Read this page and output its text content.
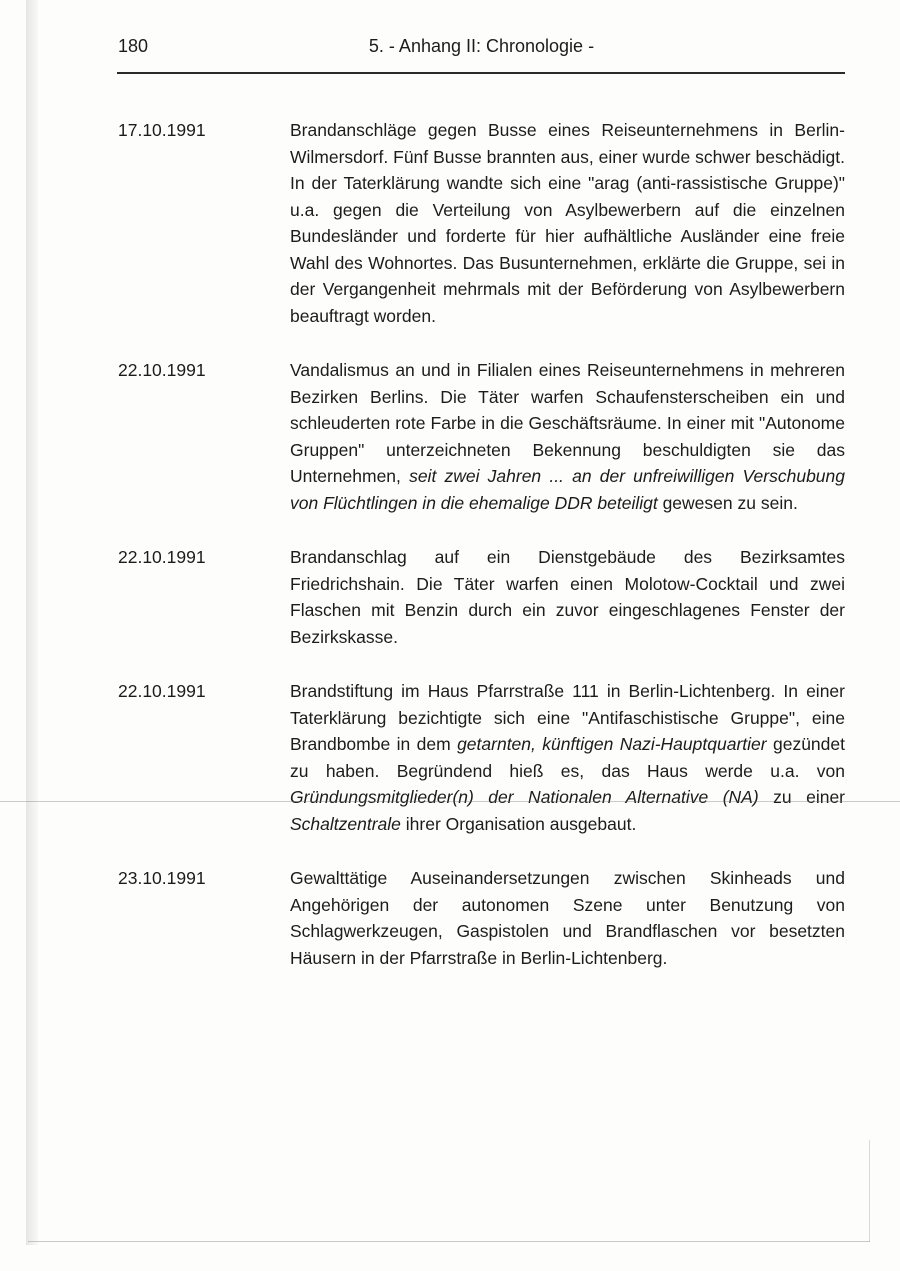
180	5. - Anhang II: Chronologie -
17.10.1991	Brandanschläge gegen Busse eines Reiseunternehmens in Berlin-Wilmersdorf. Fünf Busse brannten aus, einer wurde schwer beschädigt. In der Taterklärung wandte sich eine "arag (anti-rassistische Gruppe)" u.a. gegen die Verteilung von Asylbewerbern auf die einzelnen Bundesländer und forderte für hier aufhältliche Ausländer eine freie Wahl des Wohnortes. Das Busunternehmen, erklärte die Gruppe, sei in der Vergangenheit mehrmals mit der Beförderung von Asylbewerbern beauftragt worden.

22.10.1991	Vandalismus an und in Filialen eines Reiseunternehmens in mehreren Bezirken Berlins. Die Täter warfen Schaufensterscheiben ein und schleuderten rote Farbe in die Geschäftsräume. In einer mit "Autonome Gruppen" unterzeichneten Bekennung beschuldigten sie das Unternehmen, seit zwei Jahren ... an der unfreiwilligen Verschubung von Flüchtlingen in die ehemalige DDR beteiligt gewesen zu sein.

22.10.1991	Brandanschlag auf ein Dienstgebäude des Bezirksamtes Friedrichshain. Die Täter warfen einen Molotow-Cocktail und zwei Flaschen mit Benzin durch ein zuvor eingeschlagenes Fenster der Bezirkskasse.

22.10.1991	Brandstiftung im Haus Pfarrstraße 111 in Berlin-Lichtenberg. In einer Taterklärung bezichtigte sich eine "Antifaschistische Gruppe", eine Brandbombe in dem getarnten, künftigen Nazi-Hauptquartier gezündet zu haben. Begründend hieß es, das Haus werde u.a. von Gründungsmitglieder(n) der Nationalen Alternative (NA) zu einer Schaltzentrale ihrer Organisation ausgebaut.

23.10.1991	Gewalttätige Auseinandersetzungen zwischen Skinheads und Angehörigen der autonomen Szene unter Benutzung von Schlagwerkzeugen, Gaspistolen und Brandflaschen vor besetzten Häusern in der Pfarrstraße in Berlin-Lichtenberg.
